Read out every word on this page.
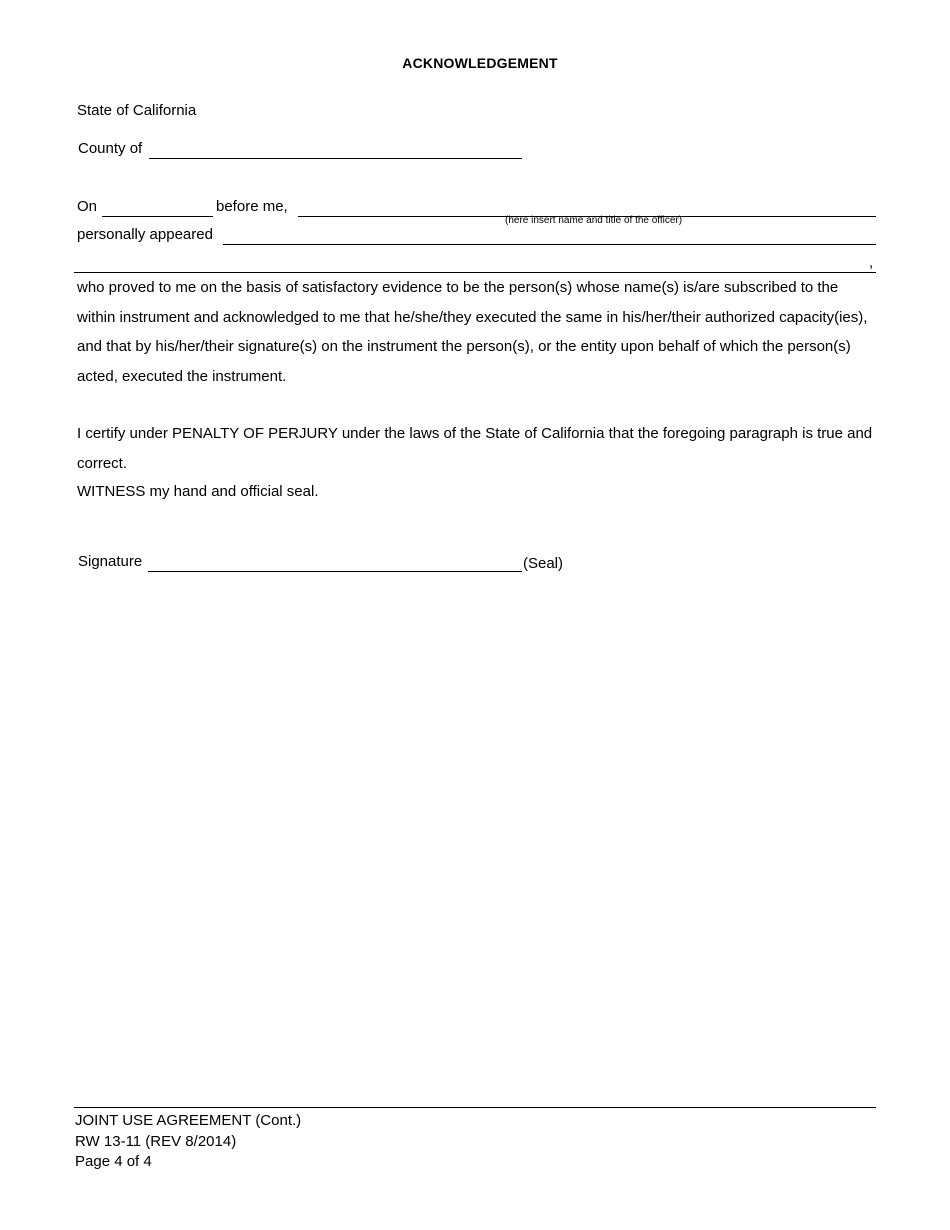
ACKNOWLEDGEMENT
State of California
County of
On	before me,
(here insert name and title of the officer)
personally appeared
,
who proved to me on the basis of satisfactory evidence to be the person(s) whose name(s) is/are subscribed to the within instrument and acknowledged to me that he/she/they executed the same in his/her/their authorized capacity(ies), and that by his/her/their signature(s) on the instrument the person(s), or the entity upon behalf of which the person(s) acted, executed the instrument.
I certify under PENALTY OF PERJURY under the laws of the State of California that the foregoing paragraph is true and correct.
WITNESS my hand and official seal.
Signature	(Seal)
JOINT USE AGREEMENT (Cont.)
RW 13-11 (REV 8/2014)
Page 4 of 4
